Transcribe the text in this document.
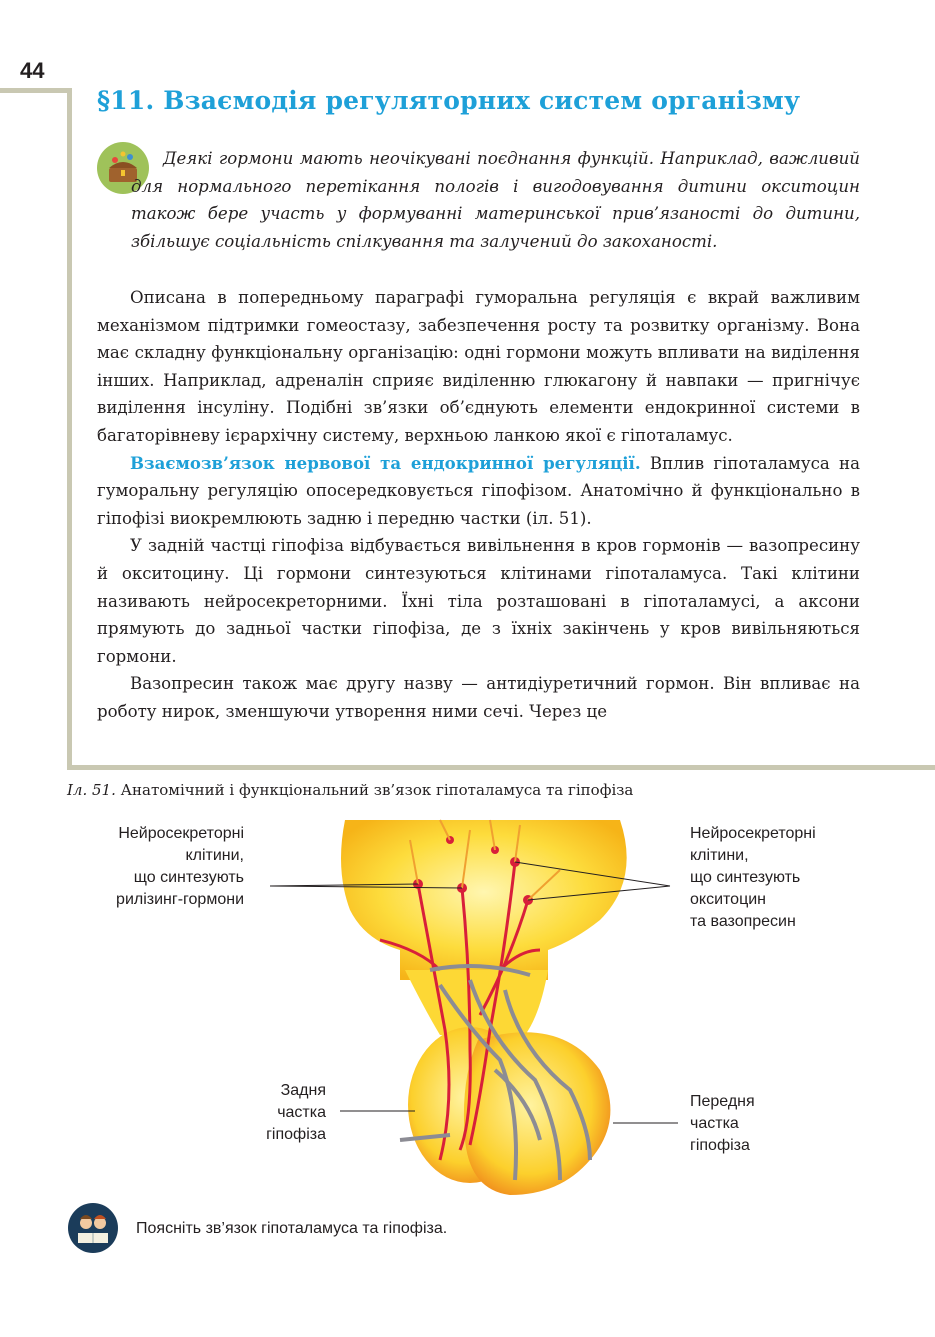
44
§11. Взаємодія регуляторних систем організму
Деякі гормони мають неочікувані поєднання функцій. Наприклад, важливий для нормального перетікання пологів і вигодовування дитини окситоцин також бере участь у формуванні материнської прив’язаності до дитини, збільшує соціальність спілкування та залучений до закоханості.

Описана в попередньому параграфі гуморальна регуляція є вкрай важливим механізмом підтримки гомеостазу, забезпечення росту та розвитку організму. Вона має складну функціональну організацію: одні гормони можуть впливати на виділення інших. Наприклад, адреналін сприяє виділенню глюкагону й навпаки — пригнічує виділення інсуліну. Подібні зв’язки об’єднують елементи ендокринної системи в багаторівневу ієрархічну систему, верхньою ланкою якої є гіпоталамус.

Взаємозв’язок нервової та ендокринної регуляції. Вплив гіпоталамуса на гуморальну регуляцію опосередковується гіпофізом. Анатомічно й функціонально в гіпофізі виокремлюють задню і передню частки (іл. 51).

У задній частці гіпофіза відбувається вивільнення в кров гормонів — вазопресину й окситоцину. Ці гормони синтезуються клітинами гіпоталамуса. Такі клітини називають нейросекреторними. Їхні тіла розташовані в гіпоталамусі, а аксони прямують до задньої частки гіпофіза, де з їхніх закінчень у кров вивільняються гормони.

Вазопресин також має другу назву — антидіуретичний гормон. Він впливає на роботу нирок, зменшуючи утворення ними сечі. Через це

Іл. 51. Анатомічний і функціональний зв’язок гіпоталамуса та гіпофіза
Нейросекреторні
клітини,
що синтезують
рилізинг-гормони
Нейросекреторні
клітини,
що синтезують
окситоцин
та вазопресин
Задня
частка
гіпофіза
Передня
частка
гіпофіза
Поясніть зв’язок гіпоталамуса та гіпофіза.
